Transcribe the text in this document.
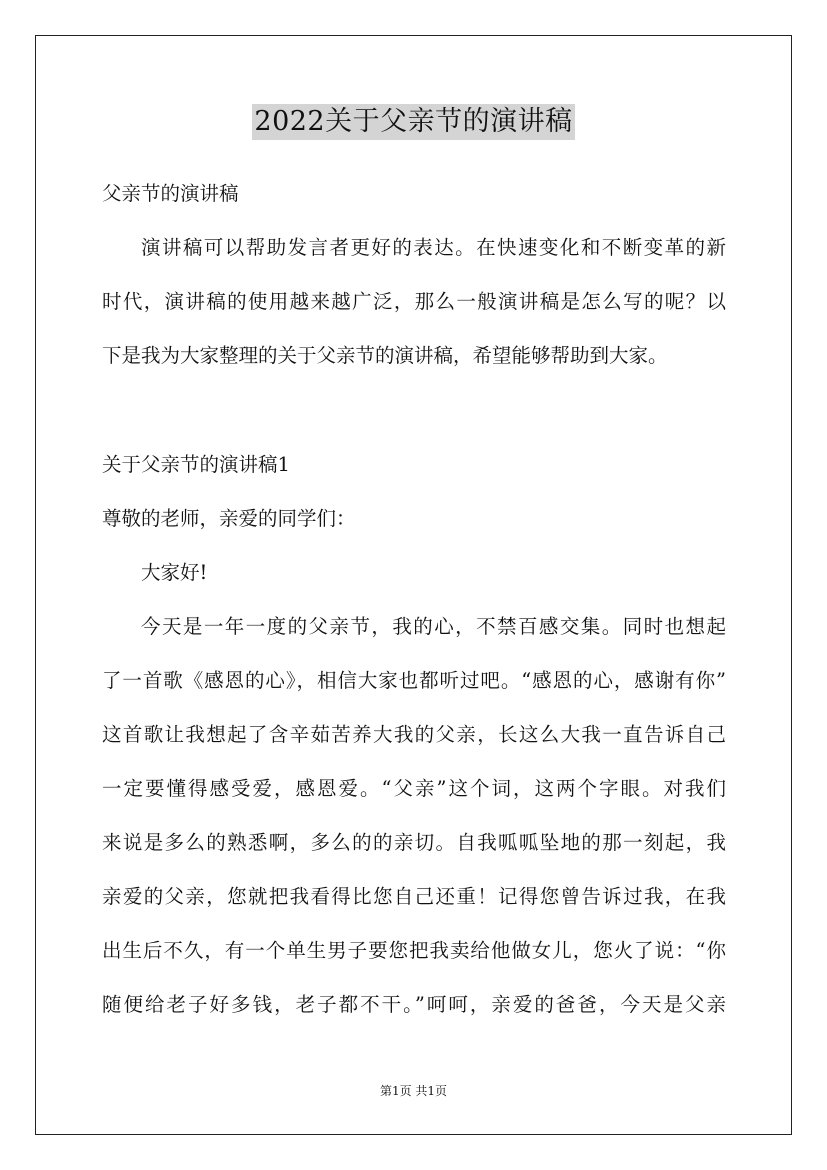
2022关于父亲节的演讲稿
父亲节的演讲稿
演讲稿可以帮助发言者更好的表达。在快速变化和不断变革的新
时代，演讲稿的使用越来越广泛，那么一般演讲稿是怎么写的呢？以
下是我为大家整理的关于父亲节的演讲稿，希望能够帮助到大家。
关于父亲节的演讲稿1
尊敬的老师，亲爱的同学们：
大家好!
今天是一年一度的父亲节，我的心，不禁百感交集。同时也想起
了一首歌《感恩的心》，相信大家也都听过吧。“感恩的心，感谢有你”
这首歌让我想起了含辛茹苦养大我的父亲，长这么大我一直告诉自己
一定要懂得感受爱，感恩爱。“父亲”这个词，这两个字眼。对我们
来说是多么的熟悉啊，多么的的亲切。自我呱呱坠地的那一刻起，我
亲爱的父亲，您就把我看得比您自己还重！记得您曾告诉过我，在我
出生后不久，有一个单生男子要您把我卖给他做女儿，您火了说：“你
随便给老子好多钱，老子都不干。”呵呵，亲爱的爸爸，今天是父亲
第1页 共1页
